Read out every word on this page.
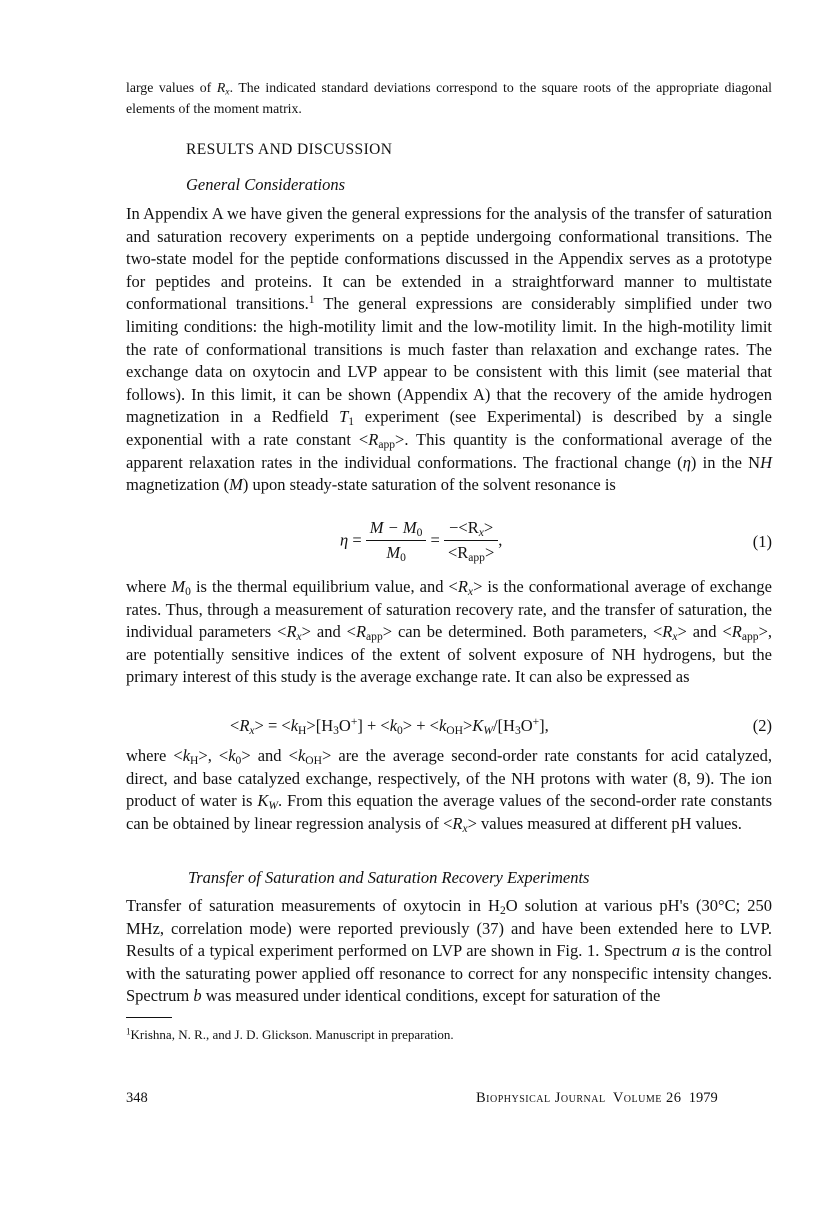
large values of $R_x$. The indicated standard deviations correspond to the square roots of the appropriate diagonal elements of the moment matrix.

RESULTS AND DISCUSSION

General Considerations

In Appendix A we have given the general expressions for the analysis of the transfer of saturation and saturation recovery experiments on a peptide undergoing conformational transitions. The two-state model for the peptide conformations discussed in the Appendix serves as a prototype for peptides and proteins. It can be extended in a straightforward manner to multistate conformational transitions.$^1$ The general expressions are considerably simplified under two limiting conditions: the high-motility limit and the low-motility limit. In the high-motility limit the rate of conformational transitions is much faster than relaxation and exchange rates. The exchange data on oxytocin and LVP appear to be consistent with this limit (see material that follows). In this limit, it can be shown (Appendix A) that the recovery of the amide hydrogen magnetization in a Redfield $T_1$ experiment (see Experimental) is described by a single exponential with a rate constant $<R_{app}>$. This quantity is the conformational average of the apparent relaxation rates in the individual conformations. The fractional change (η) in the NH magnetization (M) upon steady-state saturation of the solvent resonance is

$\eta = \frac{M - M_0}{M_0} = \frac{-<R_x>}{<R_{app}>}$ ,	(1)

where $M_0$ is the thermal equilibrium value, and $<R_x>$ is the conformational average of exchange rates. Thus, through a measurement of saturation recovery rate, and the transfer of saturation, the individual parameters $<R_x>$ and $<R_{app}>$ can be determined. Both parameters, $<R_x>$ and $<R_{app}>$, are potentially sensitive indices of the extent of solvent exposure of NH hydrogens, but the primary interest of this study is the average exchange rate. It can also be expressed as

$<R_x> = <k_H>[H_3O^+] + <k_0> + <k_{OH}>K_W/[H_3O^+]$,	(2)

where $<k_H>$, $<k_0>$ and $<k_{OH}>$ are the average second-order rate constants for acid catalyzed, direct, and base catalyzed exchange, respectively, of the NH protons with water (8, 9). The ion product of water is $K_W$. From this equation the average values of the second-order rate constants can be obtained by linear regression analysis of $<R_x>$ values measured at different pH values.

Transfer of Saturation and Saturation Recovery Experiments

Transfer of saturation measurements of oxytocin in $H_2O$ solution at various pH's (30°C; 250 MHz, correlation mode) were reported previously (37) and have been extended here to LVP. Results of a typical experiment performed on LVP are shown in Fig. 1. Spectrum a is the control with the saturating power applied off resonance to correct for any nonspecific intensity changes. Spectrum b was measured under identical conditions, except for saturation of the

$^1$Krishna, N. R., and J. D. Glickson. Manuscript in preparation.

348	Biophysical Journal Volume 26 1979
